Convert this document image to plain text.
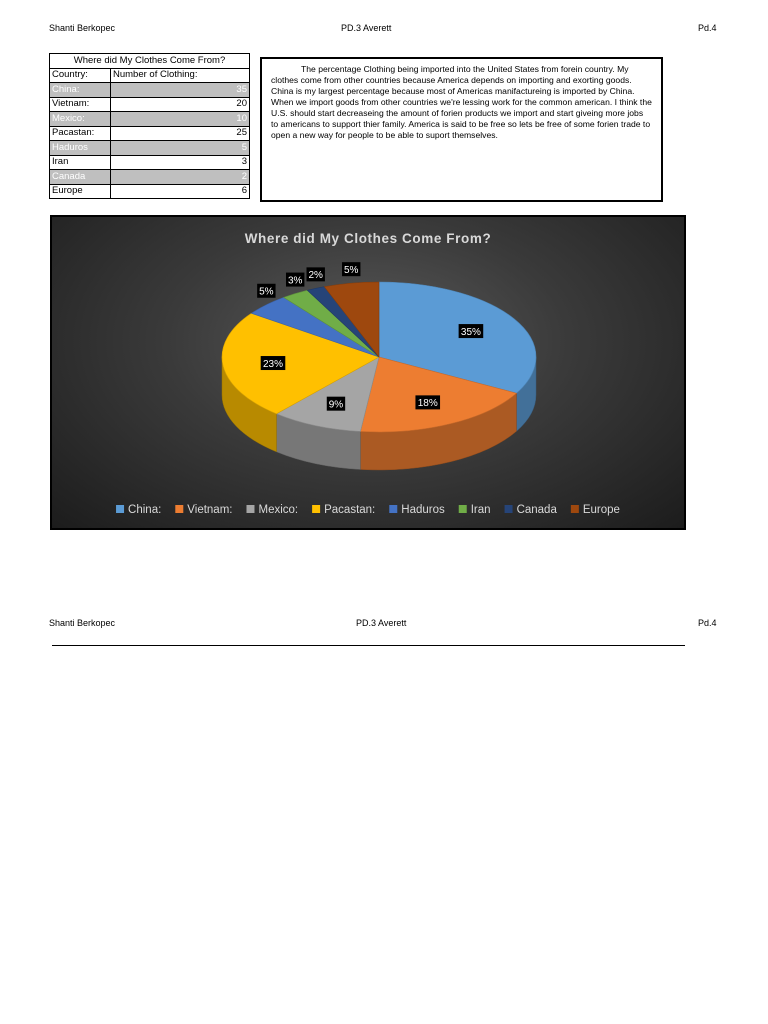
Shanti Berkopec	PD.3 Averett	Pd.4
Where did My Clothes Come From?	
Country:	Number of Clothing:
China:	35
Vietnam:	20
Mexico:	10
Pacastan:	25
Haduros	5
Iran	3
Canada	2
Europe	6

The percentage Clothing being imported into the United States from forein country. My clothes come from other countries because America depends on importing and exorting goods. China is my largest percentage because most of Americas manifactureing is imported by China. When we import goods from other countries we're lessing work for the common american. I think the U.S. should start decreaseing the amount of forien products we import and start giveing more jobs to americans to support thier family. America is said to be free so lets be free of some forien trade to open a new way for people to be able to suport themselves.

Where did My Clothes Come From?
35%
18%
9%
23%
5%
3% 2% 5%
China: Vietnam: Mexico: Pacastan: Haduros Iran Canada Europe
Shanti Berkopec	PD.3 Averett	Pd.4
